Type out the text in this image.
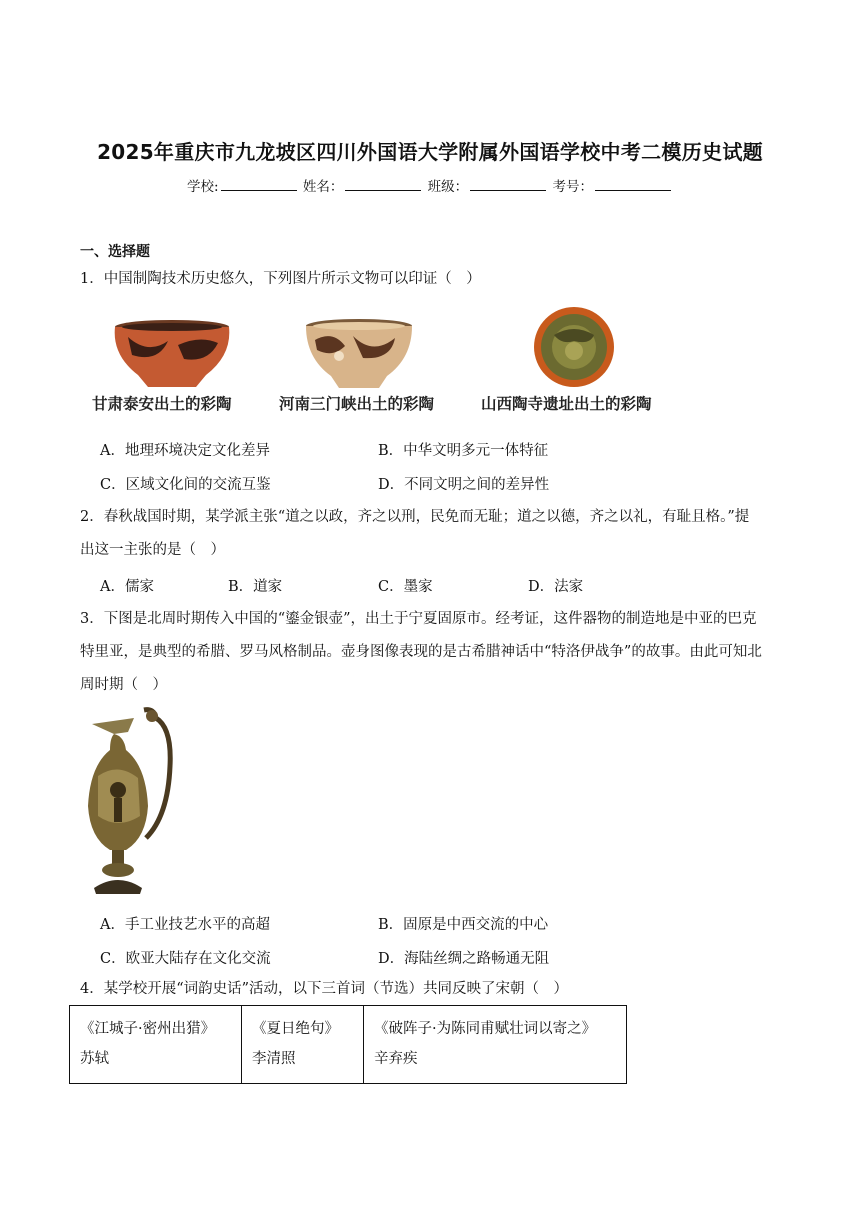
2025年重庆市九龙坡区四川外国语大学附属外国语学校中考二模历史试题
学校:	姓名：	班级：	考号：
一、选择题
1．中国制陶技术历史悠久，下列图片所示文物可以印证（　）
甘肃泰安出土的彩陶	河南三门峡出土的彩陶	山西陶寺遗址出土的彩陶
A．地理环境决定文化差异	B．中华文明多元一体特征
C．区域文化间的交流互鉴	D．不同文明之间的差异性
2．春秋战国时期，某学派主张“道之以政，齐之以刑，民免而无耻；道之以德，齐之以礼，有耻且格。”提
出这一主张的是（　）
A．儒家	B．道家	C．墨家	D．法家
3．下图是北周时期传入中国的“鎏金银壶”，出土于宁夏固原市。经考证，这件器物的制造地是中亚的巴克
特里亚，是典型的希腊、罗马风格制品。壶身图像表现的是古希腊神话中“特洛伊战争”的故事。由此可知北
周时期（　）
A．手工业技艺水平的高超	B．固原是中西交流的中心
C．欧亚大陆存在文化交流	D．海陆丝绸之路畅通无阻
4．某学校开展“词韵史话”活动，以下三首词（节选）共同反映了宋朝（　）
《江城子·密州出猎》
苏轼

《夏日绝句》
李清照

《破阵子·为陈同甫赋壮词以寄之》
辛弃疾
